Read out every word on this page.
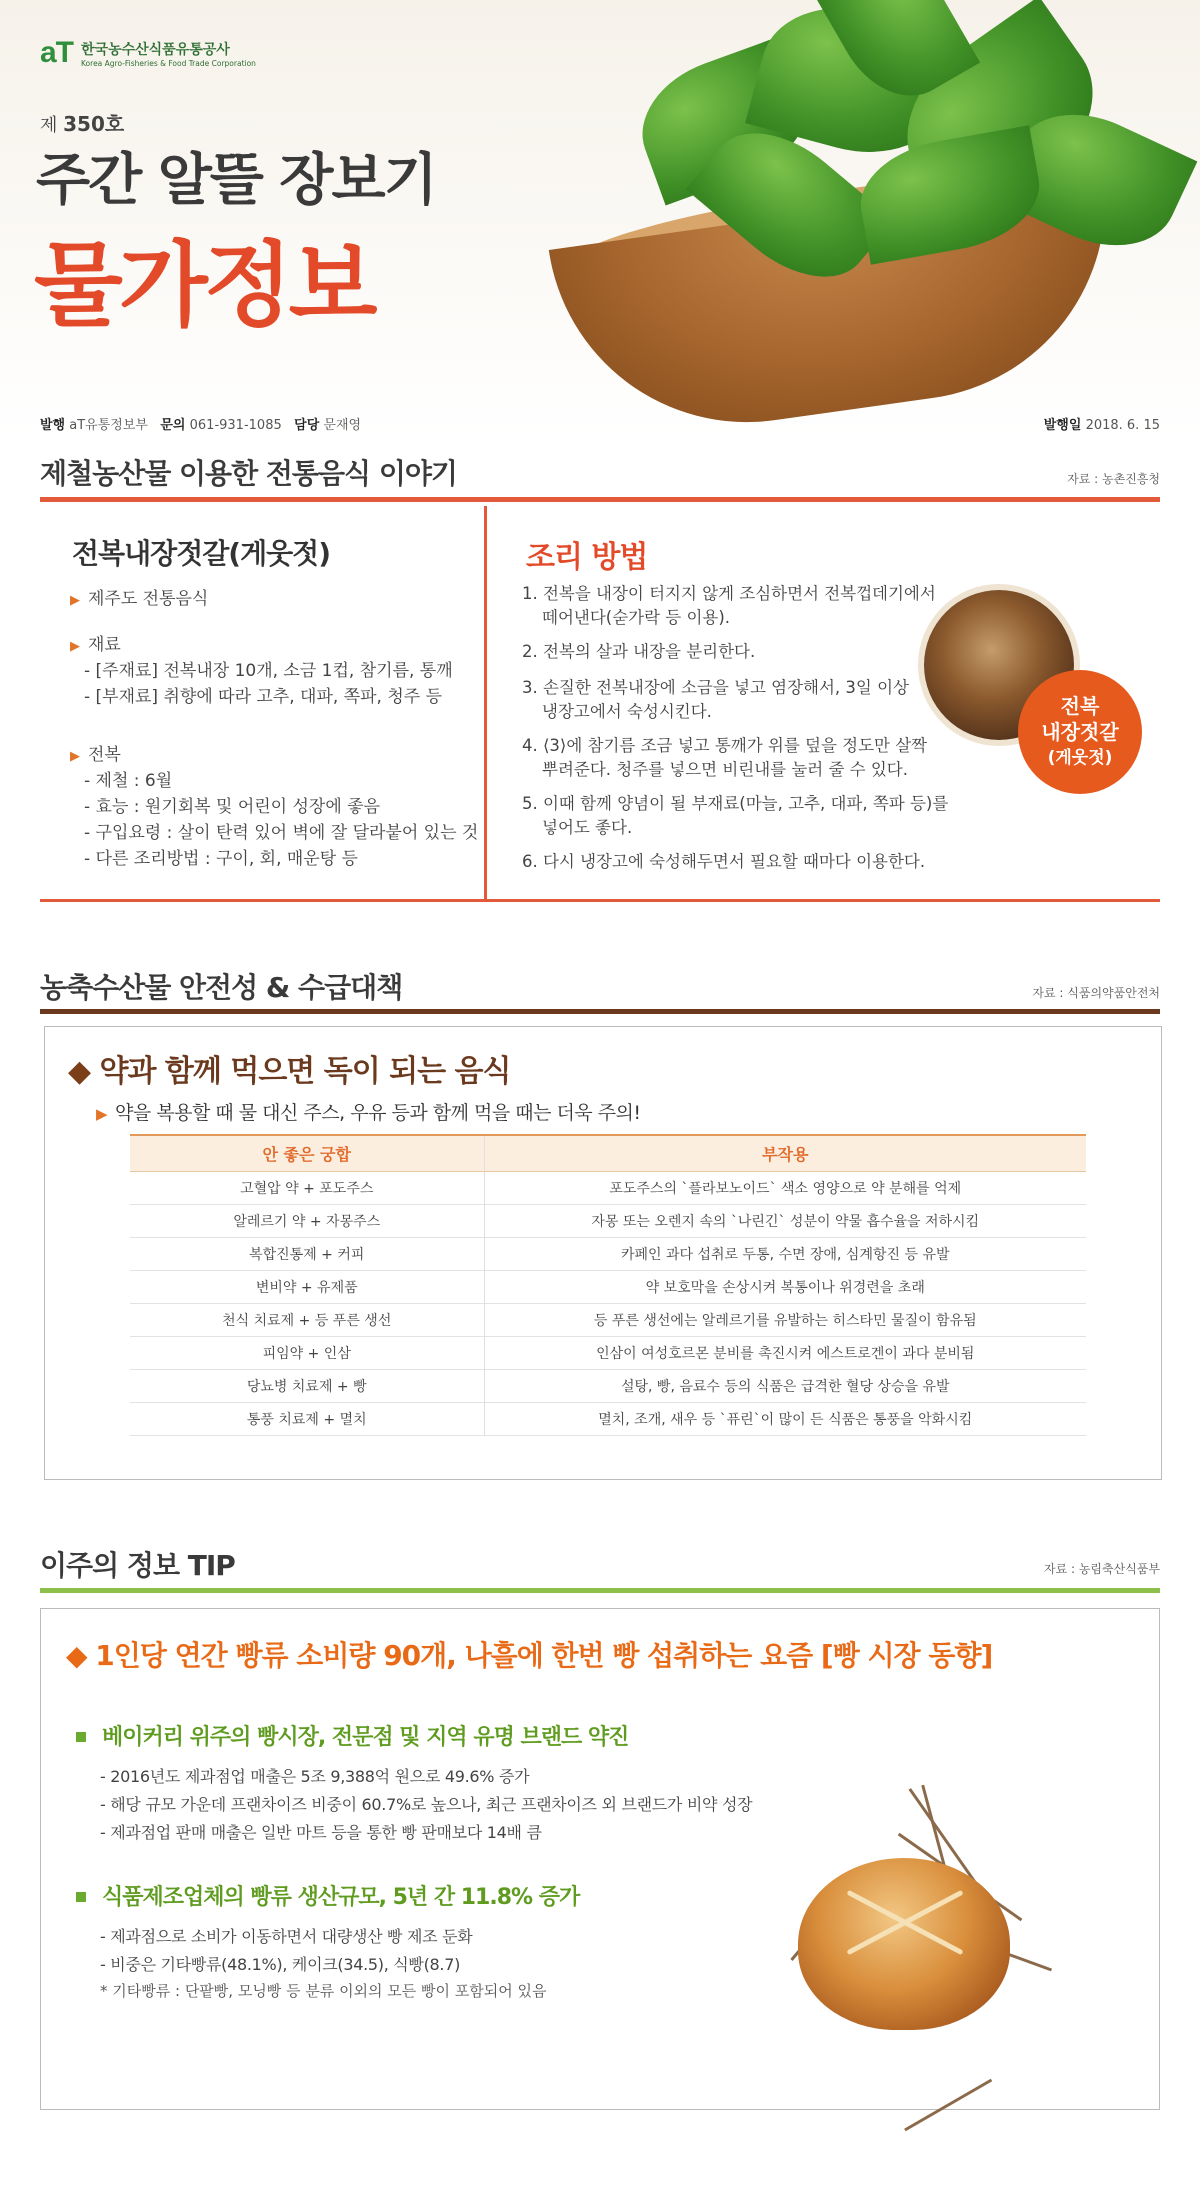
aT 한국농수산식품유통공사
Korea Agro-Fisheries & Food Trade Corporation
제 350호
주간 알뜰 장보기
물가정보
발행 aT유통정보부 문의 061-931-1085 담당 문재영	발행일 2018. 6. 15
제철농산물 이용한 전통음식 이야기	자료 : 농촌진흥청
전복내장젓갈(게웃젓)
▶ 제주도 전통음식
▶ 재료
- [주재료] 전복내장 10개, 소금 1컵, 참기름, 통깨
- [부재료] 취향에 따라 고추, 대파, 쪽파, 청주 등
▶ 전복
- 제철 : 6월
- 효능 : 원기회복 및 어린이 성장에 좋음
- 구입요령 : 살이 탄력 있어 벽에 잘 달라붙어 있는 것
- 다른 조리방법 : 구이, 회, 매운탕 등
조리 방법
1. 전복을 내장이 터지지 않게 조심하면서 전복껍데기에서
떼어낸다(숟가락 등 이용).
2. 전복의 살과 내장을 분리한다.
3. 손질한 전복내장에 소금을 넣고 염장해서, 3일 이상
냉장고에서 숙성시킨다.
4. ⟨3⟩에 참기름 조금 넣고 통깨가 위를 덮을 정도만 살짝
뿌려준다. 청주를 넣으면 비린내를 눌러 줄 수 있다.
5. 이때 함께 양념이 될 부재료(마늘, 고추, 대파, 쪽파 등)를
넣어도 좋다.
6. 다시 냉장고에 숙성해두면서 필요할 때마다 이용한다.
전복
내장젓갈
(게웃젓)
농축수산물 안전성 & 수급대책	자료 : 식품의약품안전처
◆ 약과 함께 먹으면 독이 되는 음식
▶ 약을 복용할 때 물 대신 주스, 우유 등과 함께 먹을 때는 더욱 주의!
안 좋은 궁합	부작용
고혈압 약 + 포도주스	포도주스의 `플라보노이드` 색소 영양으로 약 분해를 억제
알레르기 약 + 자몽주스	자몽 또는 오렌지 속의 `나린긴` 성분이 약물 흡수율을 저하시킴
복합진통제 + 커피	카페인 과다 섭취로 두통, 수면 장애, 심계항진 등 유발
변비약 + 유제품	약 보호막을 손상시켜 복통이나 위경련을 초래
천식 치료제 + 등 푸른 생선	등 푸른 생선에는 알레르기를 유발하는 히스타민 물질이 함유됨
피임약 + 인삼	인삼이 여성호르몬 분비를 촉진시켜 에스트로겐이 과다 분비됨
당뇨병 치료제 + 빵	설탕, 빵, 음료수 등의 식품은 급격한 혈당 상승을 유발
통풍 치료제 + 멸치	멸치, 조개, 새우 등 `퓨린`이 많이 든 식품은 통풍을 악화시킴
이주의 정보 TIP	자료 : 농림축산식품부
◆ 1인당 연간 빵류 소비량 90개, 나흘에 한번 빵 섭취하는 요즘 [빵 시장 동향]
베이커리 위주의 빵시장, 전문점 및 지역 유명 브랜드 약진
- 2016년도 제과점업 매출은 5조 9,388억 원으로 49.6% 증가
- 해당 규모 가운데 프랜차이즈 비중이 60.7%로 높으나, 최근 프랜차이즈 외 브랜드가 비약 성장
- 제과점업 판매 매출은 일반 마트 등을 통한 빵 판매보다 14배 큼
식품제조업체의 빵류 생산규모, 5년 간 11.8% 증가
- 제과점으로 소비가 이동하면서 대량생산 빵 제조 둔화
- 비중은 기타빵류(48.1%), 케이크(34.5), 식빵(8.7)
* 기타빵류 : 단팥빵, 모닝빵 등 분류 이외의 모든 빵이 포함되어 있음
